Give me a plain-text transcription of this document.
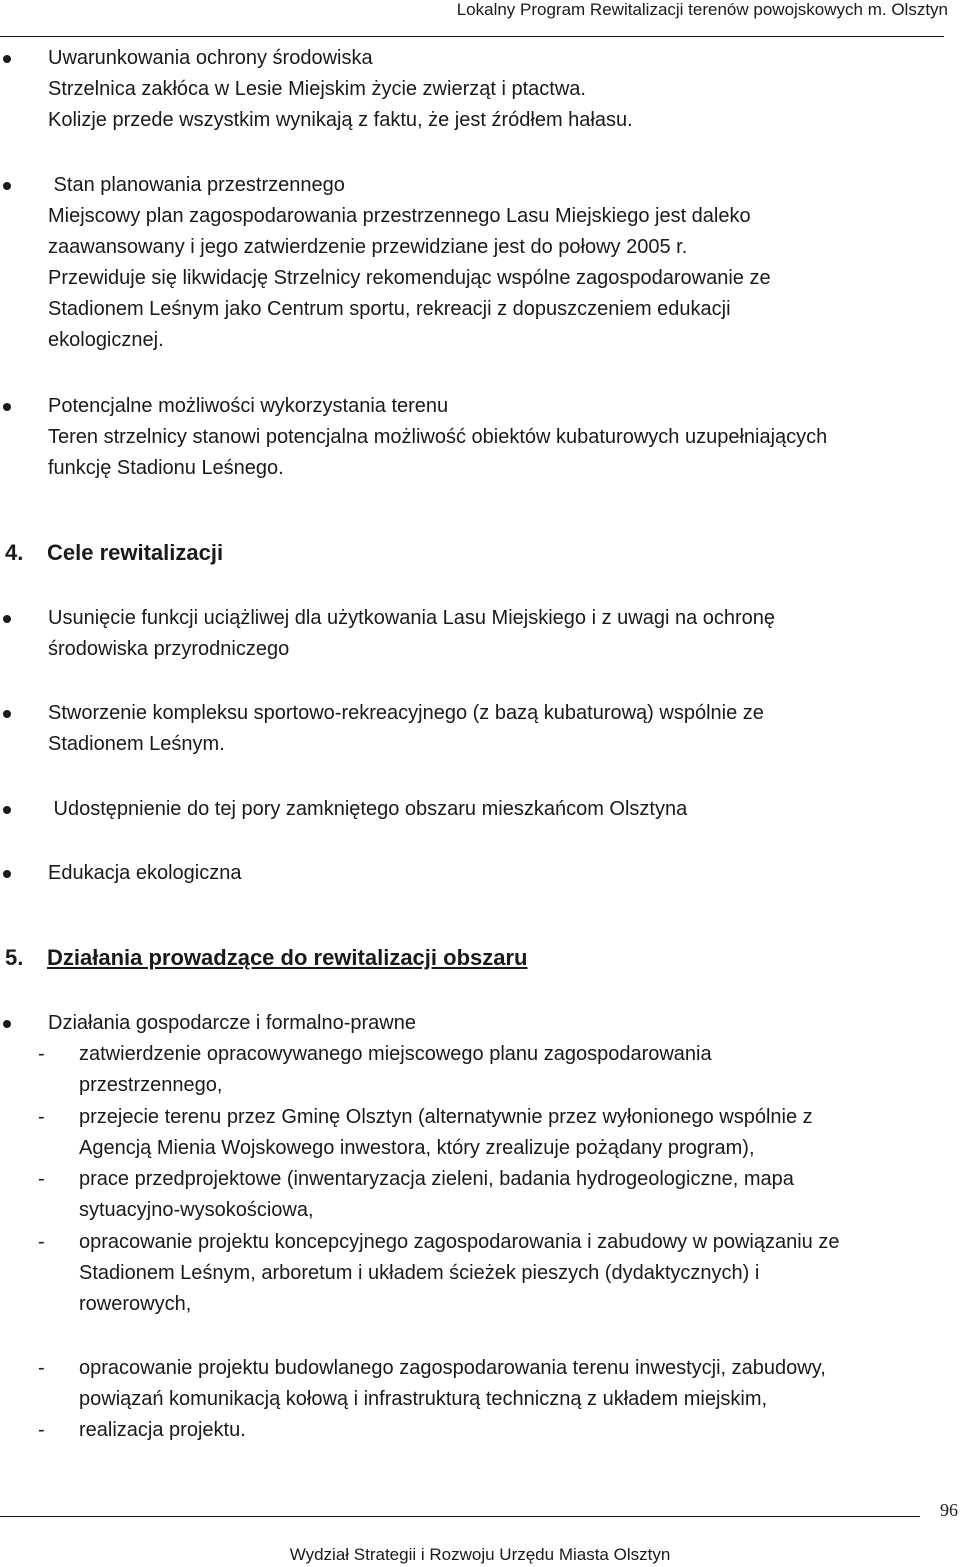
Lokalny Program Rewitalizacji terenów powojskowych m. Olsztyn
Uwarunkowania ochrony środowiska
Strzelnica zakłóca w Lesie Miejskim życie zwierząt i ptactwa.
Kolizje przede wszystkim wynikają z faktu, że jest źródłem hałasu.
Stan planowania przestrzennego
Miejscowy plan zagospodarowania przestrzennego Lasu Miejskiego jest daleko
zaawansowany i jego zatwierdzenie przewidziane jest do połowy 2005 r.
Przewiduje się likwidację Strzelnicy rekomendując wspólne zagospodarowanie ze
Stadionem Leśnym jako Centrum sportu, rekreacji z dopuszczeniem edukacji
ekologicznej.
Potencjalne możliwości wykorzystania terenu
Teren strzelnicy stanowi potencjalna możliwość obiektów kubaturowych uzupełniających
funkcję Stadionu Leśnego.
4. Cele rewitalizacji
Usunięcie funkcji uciążliwej dla użytkowania Lasu Miejskiego i z uwagi na ochronę
środowiska przyrodniczego
Stworzenie kompleksu sportowo-rekreacyjnego (z bazą kubaturową) wspólnie ze
Stadionem Leśnym.
Udostępnienie do tej pory zamkniętego obszaru mieszkańcom Olsztyna
Edukacja ekologiczna
5. Działania prowadzące do rewitalizacji obszaru
Działania gospodarcze i formalno-prawne
- zatwierdzenie opracowywanego miejscowego planu zagospodarowania
przestrzennego,
- przejecie terenu przez Gminę Olsztyn (alternatywnie przez wyłonionego wspólnie z
Agencją Mienia Wojskowego inwestora, który zrealizuje pożądany program),
- prace przedprojektowe (inwentaryzacja zieleni, badania hydrogeologiczne, mapa
sytuacyjno-wysokościowa,
- opracowanie projektu koncepcyjnego zagospodarowania i zabudowy w powiązaniu ze
Stadionem Leśnym, arboretum i układem ścieżek pieszych (dydaktycznych) i
rowerowych,
- opracowanie projektu budowlanego zagospodarowania terenu inwestycji, zabudowy,
powiązań komunikacją kołową i infrastrukturą techniczną z układem miejskim,
- realizacja projektu.
96
Wydział Strategii i Rozwoju Urzędu Miasta Olsztyn
